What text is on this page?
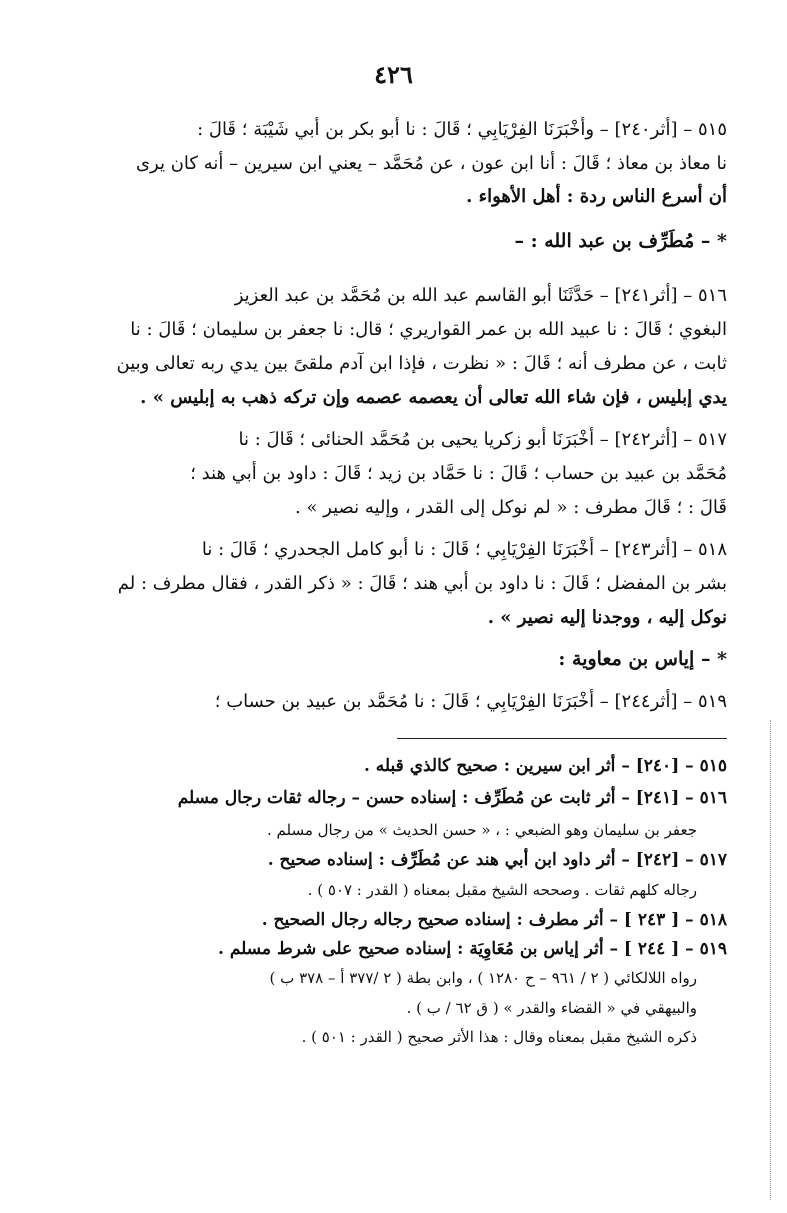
٤٢٦
٥١٥ – [أثر٢٤٠] – وأَخْبَرَنَا الفِرْيَابِي ؛ قَالَ : نا أبو بكر بن أبي شَيْبَة ؛ قَالَ :
نا معاذ بن معاذ ؛ قَالَ : أنا ابن عون ، عن مُحَمَّد – يعني ابن سيرين – أنه كان يرى
أن أسرع الناس ردة : أهل الأهواء .
* – مُطَرِّف بن عبد الله : –
٥١٦ – [أثر٢٤١] – حَدَّثَنَا أبو القاسم عبد الله بن مُحَمَّد بن عبد العزيز
البغوي ؛ قَالَ : نا عبيد الله بن عمر القواريري ؛ قال: نا جعفر بن سليمان ؛ قَالَ : نا
ثابت ، عن مطرف أنه ؛ قَالَ : « نظرت ، فإذا ابن آدم ملقىً بين يدي ربه تعالى وبين
يدي إبليس ، فإن شاء الله تعالى أن يعصمه عصمه وإن تركه ذهب به إبليس » .
٥١٧ – [أثر٢٤٢] – أَخْبَرَنَا أبو زكريا يحيى بن مُحَمَّد الحنائى ؛ قَالَ : نا
مُحَمَّد بن عبيد بن حساب ؛ قَالَ : نا حَمَّاد بن زيد ؛ قَالَ : داود بن أبي هند ؛
قَالَ : ؛ قَالَ مطرف : « لم نوكل إلى القدر ، وإليه نصير » .
٥١٨ – [أثر٢٤٣] – أَخْبَرَنَا الفِرْيَابِي ؛ قَالَ : نا أبو كامل الجحدري ؛ قَالَ : نا
بشر بن المفضل ؛ قَالَ : نا داود بن أبي هند ؛ قَالَ : « ذكر القدر ، فقال مطرف : لم
نوكل إليه ، ووجدنا إليه نصير » .
* – إياس بن معاوية :
٥١٩ – [أثر٢٤٤] – أَخْبَرَنَا الفِرْيَابِي ؛ قَالَ : نا مُحَمَّد بن عبيد بن حساب ؛
٥١٥ – [٢٤٠] – أثر ابن سيرين : صحيح كالذي قبله .
٥١٦ – [٢٤١] – أثر ثابت عن مُطَرِّف : إسناده حسن – رجاله ثقات رجال مسلم
جعفر بن سليمان وهو الضبعي : ، « حسن الحديث » من رجال مسلم .
٥١٧ – [٢٤٢] – أثر داود ابن أبي هند عن مُطَرِّف : إسناده صحيح .
رجاله كلهم ثقات . وصححه الشيخ مقبل بمعناه ( القدر : ٥٠٧ ) .
٥١٨ – [ ٢٤٣ ] – أثر مطرف : إسناده صحيح رجاله رجال الصحيح .
٥١٩ – [ ٢٤٤ ] – أثر إياس بن مُعَاوِيَة : إسناده صحيح على شرط مسلم .
رواه اللالكائي ( ٢ / ٩٦١ – ح ١٢٨٠ ) ، وابن بطة ( ٢ /٣٧٧ أ – ٣٧٨ ب )
والبيهقي في « القضاء والقدر » ( ق ٦٢ / ب ) .
ذكره الشيخ مقبل بمعناه وقال : هذا الأثر صحيح ( القدر : ٥٠١ ) .
